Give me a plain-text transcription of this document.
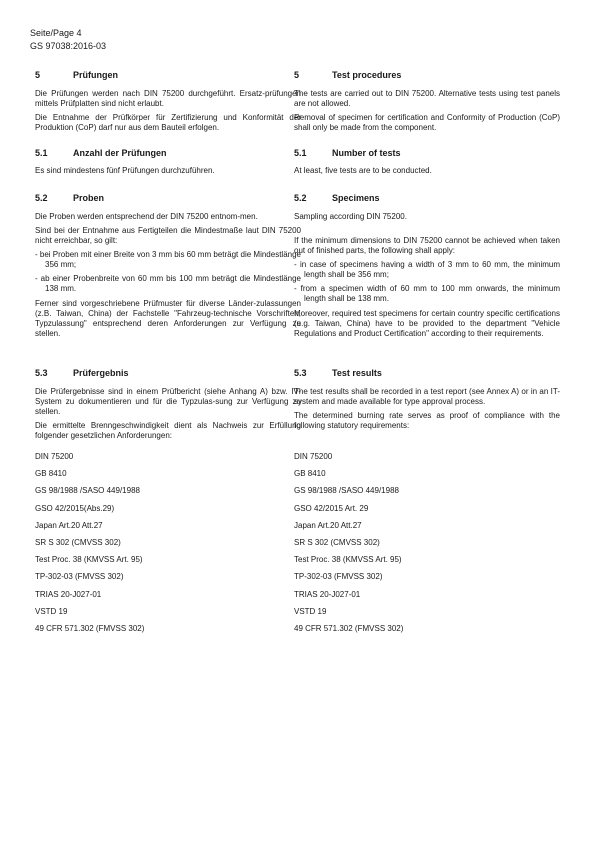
Seite/Page 4
GS 97038:2016-03
5	Prüfungen

Die Prüfungen werden nach DIN 75200 durchgeführt. Ersatz-prüfungen mittels Prüfplatten sind nicht erlaubt.

Die Entnahme der Prüfkörper für Zertifizierung und Konformität der Produktion (CoP) darf nur aus dem Bauteil erfolgen.

5.1	Anzahl der Prüfungen

Es sind mindestens fünf Prüfungen durchzuführen.

5.2	Proben

Die Proben werden entsprechend der DIN 75200 entnom-men.

Sind bei der Entnahme aus Fertigteilen die Mindestmaße laut DIN 75200 nicht erreichbar, so gilt:

- bei Proben mit einer Breite von 3 mm bis 60 mm beträgt die Mindestlänge 356 mm;

- ab einer Probenbreite von 60 mm bis 100 mm beträgt die Mindestlänge 138 mm.

Ferner sind vorgeschriebene Prüfmuster für diverse Länder-zulassungen (z.B. Taiwan, China) der Fachstelle "Fahrzeug-technische Vorschriften, Typzulassung" entsprechend deren Anforderungen zur Verfügung zu stellen.

5.3	Prüfergebnis

Die Prüfergebnisse sind in einem Prüfbericht (siehe Anhang A) bzw. IV-System zu dokumentieren und für die Typzulas-sung zur Verfügung zu stellen.

Die ermittelte Brenngeschwindigkeit dient als Nachweis zur Erfüllung folgender gesetzlichen Anforderungen:

DIN 75200
GB 8410
GS 98/1988 /SASO 449/1988
GSO 42/2015(Abs.29)
Japan Art.20 Att.27
SR S 302 (CMVSS 302)
Test Proc. 38 (KMVSS Art. 95)
TP-302-03 (FMVSS 302)
TRIAS 20-J027-01
VSTD 19
49 CFR 571.302 (FMVSS 302)
5	Test procedures

The tests are carried out to DIN 75200. Alternative tests using test panels are not allowed.

Removal of specimen for certification and Conformity of Production (CoP) shall only be made from the component.

5.1	Number of tests

At least, five tests are to be conducted.

5.2	Specimens

Sampling according DIN 75200.

If the minimum dimensions to DIN 75200 cannot be achieved when taken out of finished parts, the following shall apply:

- in case of specimens having a width of 3 mm to 60 mm, the minimum length shall be 356 mm;

- from a specimen width of 60 mm to 100 mm onwards, the minimum length shall be 138 mm.

Moreover, required test specimens for certain country specific certifications (e.g. Taiwan, China) have to be provided to the department "Vehicle Regulations and Product Certification" according to their requirements.

5.3	Test results

The test results shall be recorded in a test report (see Annex A) or in an IT-system and made available for type approval process.

The determined burning rate serves as proof of compliance with the following statutory requirements:

DIN 75200
GB 8410
GS 98/1988 /SASO 449/1988
GSO 42/2015 Art. 29
Japan Art.20 Att.27
SR S 302 (CMVSS 302)
Test Proc. 38 (KMVSS Art. 95)
TP-302-03 (FMVSS 302)
TRIAS 20-J027-01
VSTD 19
49 CFR 571.302 (FMVSS 302)
